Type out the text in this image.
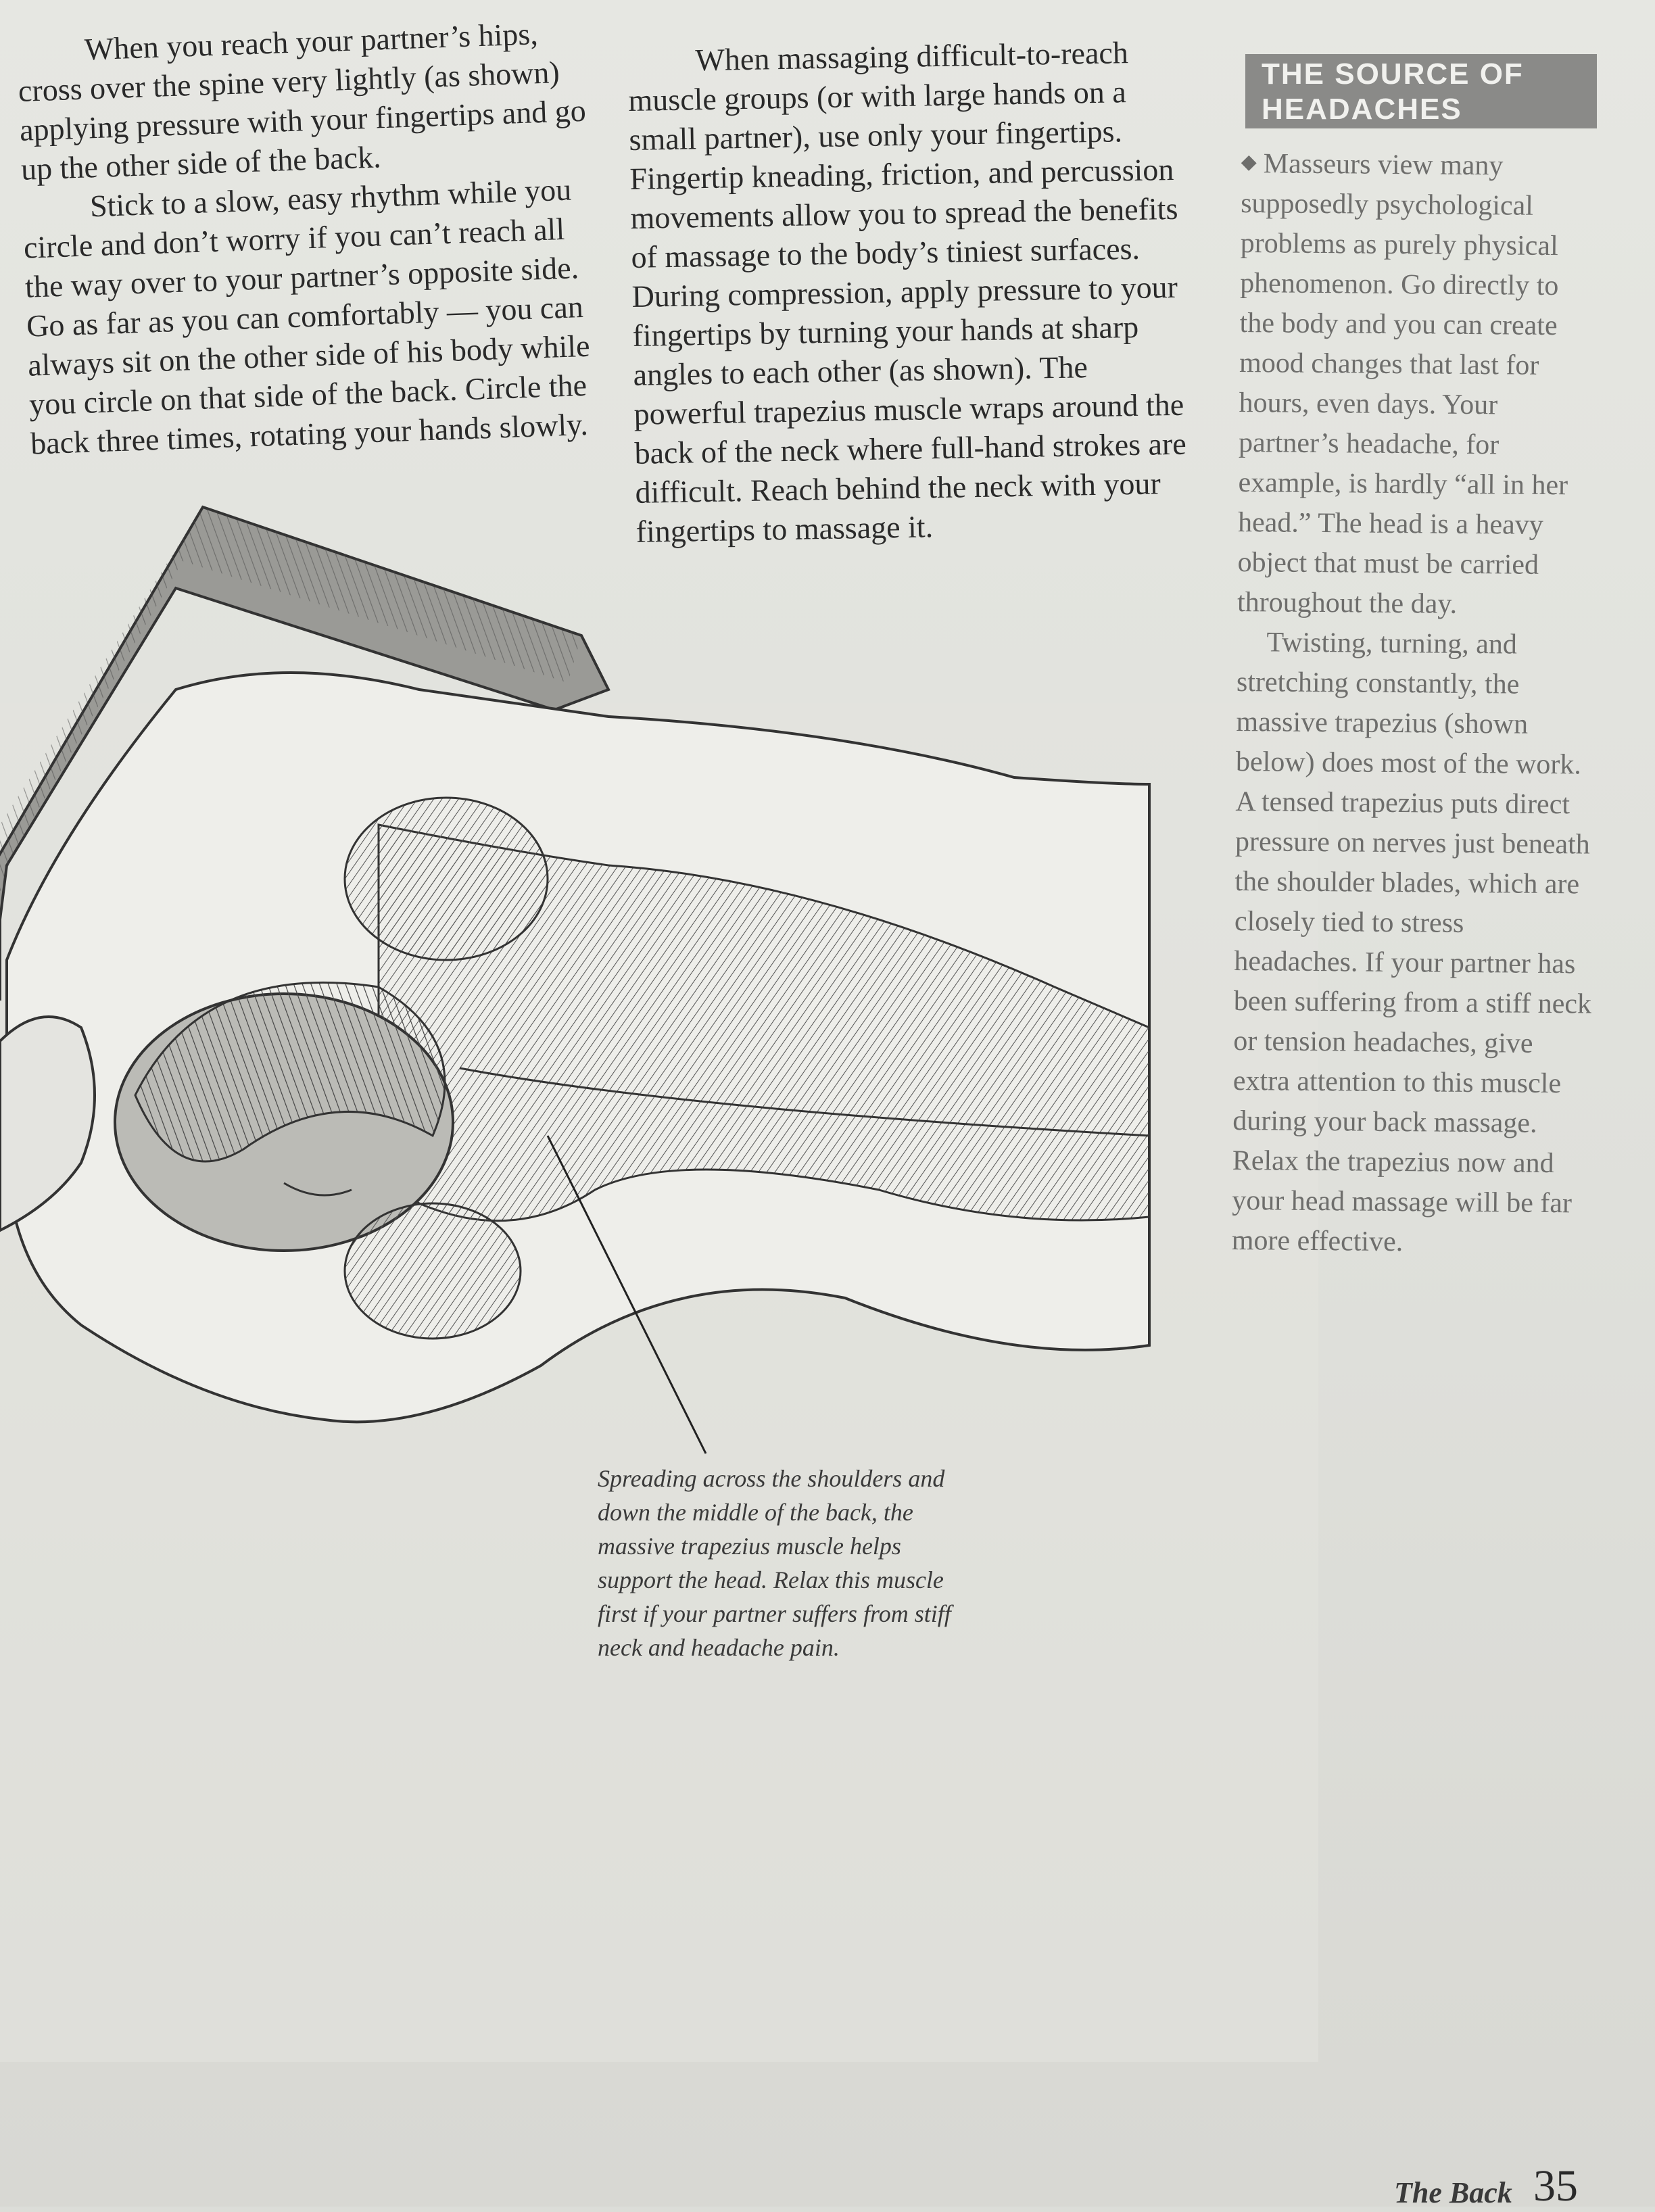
When you reach your partner’s hips, cross over the spine very lightly (as shown) applying pressure with your fingertips and go up the other side of the back.

Stick to a slow, easy rhythm while you circle and don’t worry if you can’t reach all the way over to your partner’s opposite side. Go as far as you can comfortably — you can always sit on the other side of his body while you circle on that side of the back. Circle the back three times, rotating your hands slowly.

When massaging difficult-to-reach muscle groups (or with large hands on a small partner), use only your fingertips. Fingertip kneading, friction, and percussion movements allow you to spread the benefits of massage to the body’s tiniest surfaces. During compression, apply pressure to your fingertips by turning your hands at sharp angles to each other (as shown). The powerful trapezius muscle wraps around the back of the neck where full-hand strokes are difficult. Reach behind the neck with your fingertips to massage it.

THE SOURCE OF
HEADACHES

◆ Masseurs view many supposedly psychological problems as purely physical phenomenon. Go directly to the body and you can create mood changes that last for hours, even days. Your partner’s headache, for example, is hardly “all in her head.” The head is a heavy object that must be carried throughout the day.

Twisting, turning, and stretching constantly, the massive trapezius (shown below) does most of the work. A tensed trapezius puts direct pressure on nerves just beneath the shoulder blades, which are closely tied to stress headaches. If your partner has been suffering from a stiff neck or tension headaches, give extra attention to this muscle during your back massage. Relax the trapezius now and your head massage will be far more effective.

Spreading across the shoulders and down the middle of the back, the massive trapezius muscle helps support the head. Relax this muscle first if your partner suffers from stiff neck and headache pain.
The Back 35
